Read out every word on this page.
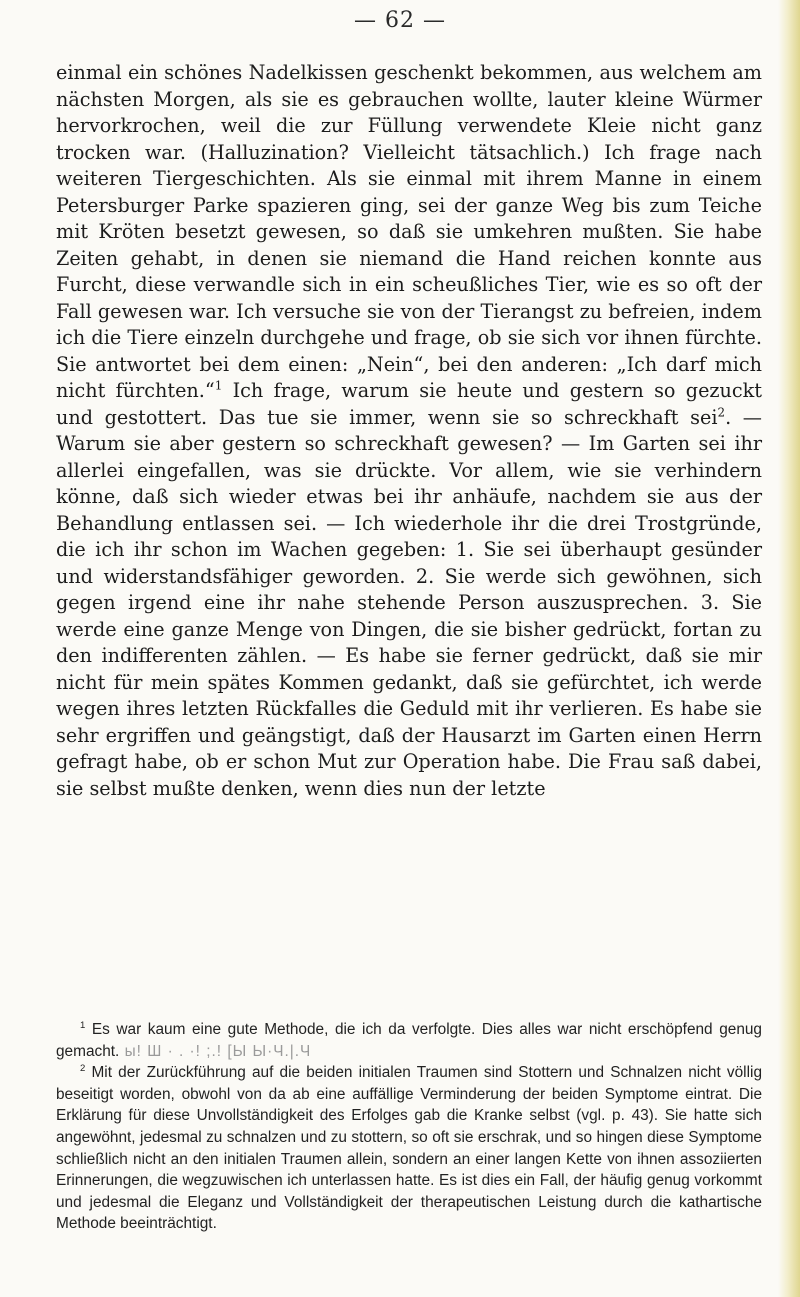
— 62 —

einmal ein schönes Nadelkissen geschenkt bekommen, aus welchem am nächsten Morgen, als sie es gebrauchen wollte, lauter kleine Würmer hervorkrochen, weil die zur Füllung verwendete Kleie nicht ganz trocken war. (Halluzination? Vielleicht tätsachlich.) Ich frage nach weiteren Tiergeschichten. Als sie einmal mit ihrem Manne in einem Petersburger Parke spazieren ging, sei der ganze Weg bis zum Teiche mit Kröten besetzt gewesen, so daß sie umkehren mußten. Sie habe Zeiten gehabt, in denen sie niemand die Hand reichen konnte aus Furcht, diese verwandle sich in ein scheußliches Tier, wie es so oft der Fall gewesen war. Ich versuche sie von der Tierangst zu befreien, indem ich die Tiere einzeln durchgehe und frage, ob sie sich vor ihnen fürchte. Sie antwortet bei dem einen: „Nein“, bei den anderen: „Ich darf mich nicht fürchten.“$^1$ Ich frage, warum sie heute und gestern so gezuckt und gestottert. Das tue sie immer, wenn sie so schreckhaft sei$^2$. — Warum sie aber gestern so schreckhaft gewesen? — Im Garten sei ihr allerlei eingefallen, was sie drückte. Vor allem, wie sie verhindern könne, daß sich wieder etwas bei ihr anhäufe, nachdem sie aus der Behandlung entlassen sei. — Ich wiederhole ihr die drei Trostgründe, die ich ihr schon im Wachen gegeben: 1. Sie sei überhaupt gesünder und widerstandsfähiger geworden. 2. Sie werde sich gewöhnen, sich gegen irgend eine ihr nahe stehende Person auszusprechen. 3. Sie werde eine ganze Menge von Dingen, die sie bisher gedrückt, fortan zu den indifferenten zählen. — Es habe sie ferner gedrückt, daß sie mir nicht für mein spätes Kommen gedankt, daß sie gefürchtet, ich werde wegen ihres letzten Rückfalles die Geduld mit ihr verlieren. Es habe sie sehr ergriffen und geängstigt, daß der Hausarzt im Garten einen Herrn gefragt habe, ob er schon Mut zur Operation habe. Die Frau saß dabei, sie selbst mußte denken, wenn dies nun der letzte

$^1$ Es war kaum eine gute Methode, die ich da verfolgte. Dies alles war nicht erschöpfend genug gemacht. ы! Ш · . ·! ;.! [Ы Ы·Ч.|.Ч

$^2$ Mit der Zurückführung auf die beiden initialen Traumen sind Stottern und Schnalzen nicht völlig beseitigt worden, obwohl von da ab eine auffällige Verminderung der beiden Symptome eintrat. Die Erklärung für diese Unvollständigkeit des Erfolges gab die Kranke selbst (vgl. p. 43). Sie hatte sich angewöhnt, jedesmal zu schnalzen und zu stottern, so oft sie erschrak, und so hingen diese Symptome schließlich nicht an den initialen Traumen allein, sondern an einer langen Kette von ihnen assoziierten Erinnerungen, die wegzuwischen ich unterlassen hatte. Es ist dies ein Fall, der häufig genug vorkommt und jedesmal die Eleganz und Vollständigkeit der therapeutischen Leistung durch die kathartische Methode beeinträchtigt.
